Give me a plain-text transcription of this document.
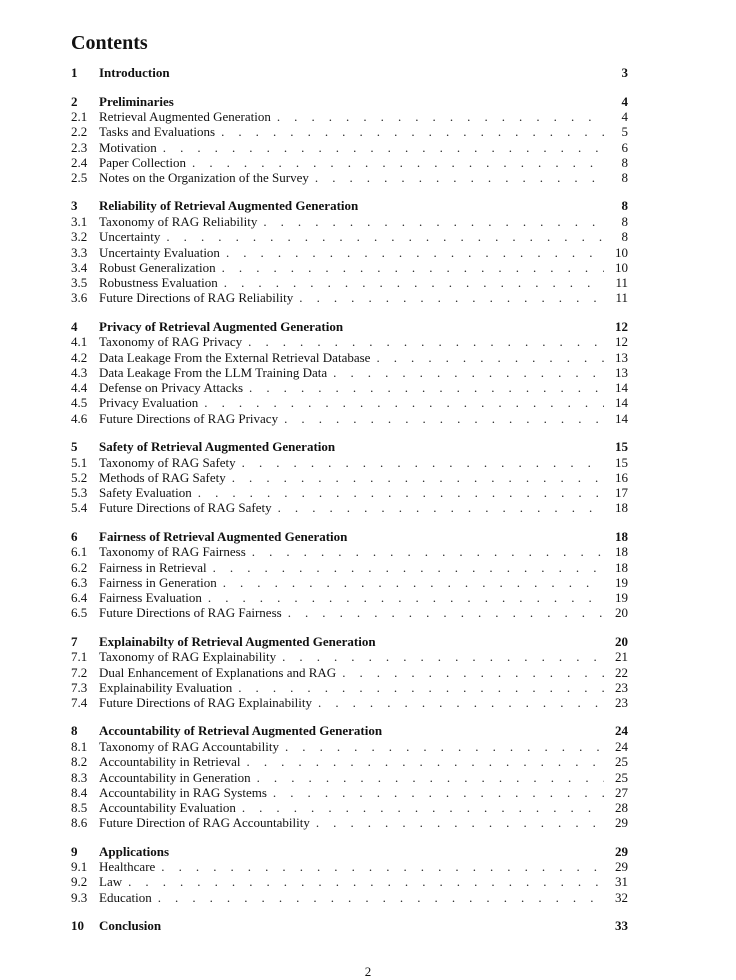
Contents
1	Introduction	3
2	Preliminaries	4
2.1 Retrieval Augmented Generation . . .	4
2.2 Tasks and Evaluations . . .	5
2.3 Motivation . . .	6
2.4 Paper Collection . . .	8
2.5 Notes on the Organization of the Survey . . .	8
3	Reliability of Retrieval Augmented Generation	8
3.1 Taxonomy of RAG Reliability . . .	8
3.2 Uncertainty . . .	8
3.3 Uncertainty Evaluation . . .	10
3.4 Robust Generalization . . .	10
3.5 Robustness Evaluation . . .	11
3.6 Future Directions of RAG Reliability . . .	11
4	Privacy of Retrieval Augmented Generation	12
4.1 Taxonomy of RAG Privacy . . .	12
4.2 Data Leakage From the External Retrieval Database . . .	13
4.3 Data Leakage From the LLM Training Data . . .	13
4.4 Defense on Privacy Attacks . . .	14
4.5 Privacy Evaluation . . .	14
4.6 Future Directions of RAG Privacy . . .	14
5	Safety of Retrieval Augmented Generation	15
5.1 Taxonomy of RAG Safety . . .	15
5.2 Methods of RAG Safety . . .	16
5.3 Safety Evaluation . . .	17
5.4 Future Directions of RAG Safety . . .	18
6	Fairness of Retrieval Augmented Generation	18
6.1 Taxonomy of RAG Fairness . . .	18
6.2 Fairness in Retrieval . . .	18
6.3 Fairness in Generation . . .	19
6.4 Fairness Evaluation . . .	19
6.5 Future Directions of RAG Fairness . . .	20
7	Explainabilty of Retrieval Augmented Generation	20
7.1 Taxonomy of RAG Explainability . . .	21
7.2 Dual Enhancement of Explanations and RAG . . .	22
7.3 Explainability Evaluation . . .	23
7.4 Future Directions of RAG Explainability . . .	23
8	Accountability of Retrieval Augmented Generation	24
8.1 Taxonomy of RAG Accountability . . .	24
8.2 Accountability in Retrieval . . .	25
8.3 Accountability in Generation . . .	25
8.4 Accountability in RAG Systems . . .	27
8.5 Accountability Evaluation . . .	28
8.6 Future Direction of RAG Accountability . . .	29
9	Applications	29
9.1 Healthcare . . .	29
9.2 Law . . .	31
9.3 Education . . .	32
10	Conclusion	33
2
